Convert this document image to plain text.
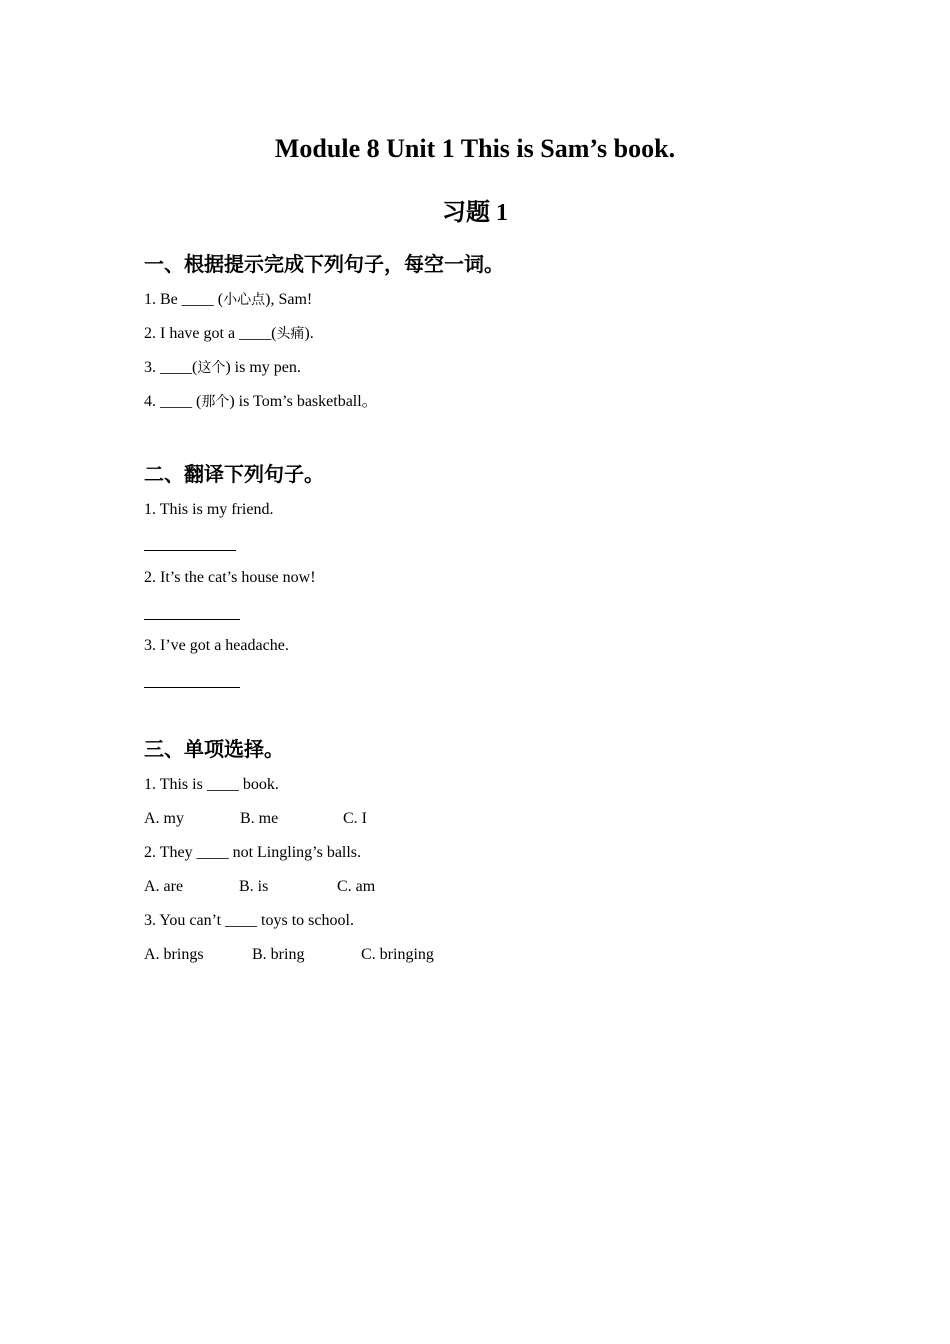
Module 8 Unit 1 This is Sam’s book.
习题 1
一、根据提示完成下列句子，每空一词。
1. Be ____ (小心点), Sam!
2. I have got a ____(头痛).
3. ____(这个) is my pen.
4. ____ (那个) is Tom’s basketball。
二、翻译下列句子。
1. This is my friend.
2. It’s the cat’s house now!
3. I’ve got a headache.
三、单项选择。
1. This is ____ book.
A. my	B. me	C. I
2. They ____ not Lingling’s balls.
A. are	B. is	C. am
3. You can’t ____ toys to school.
A. brings	B. bring	C. bringing
